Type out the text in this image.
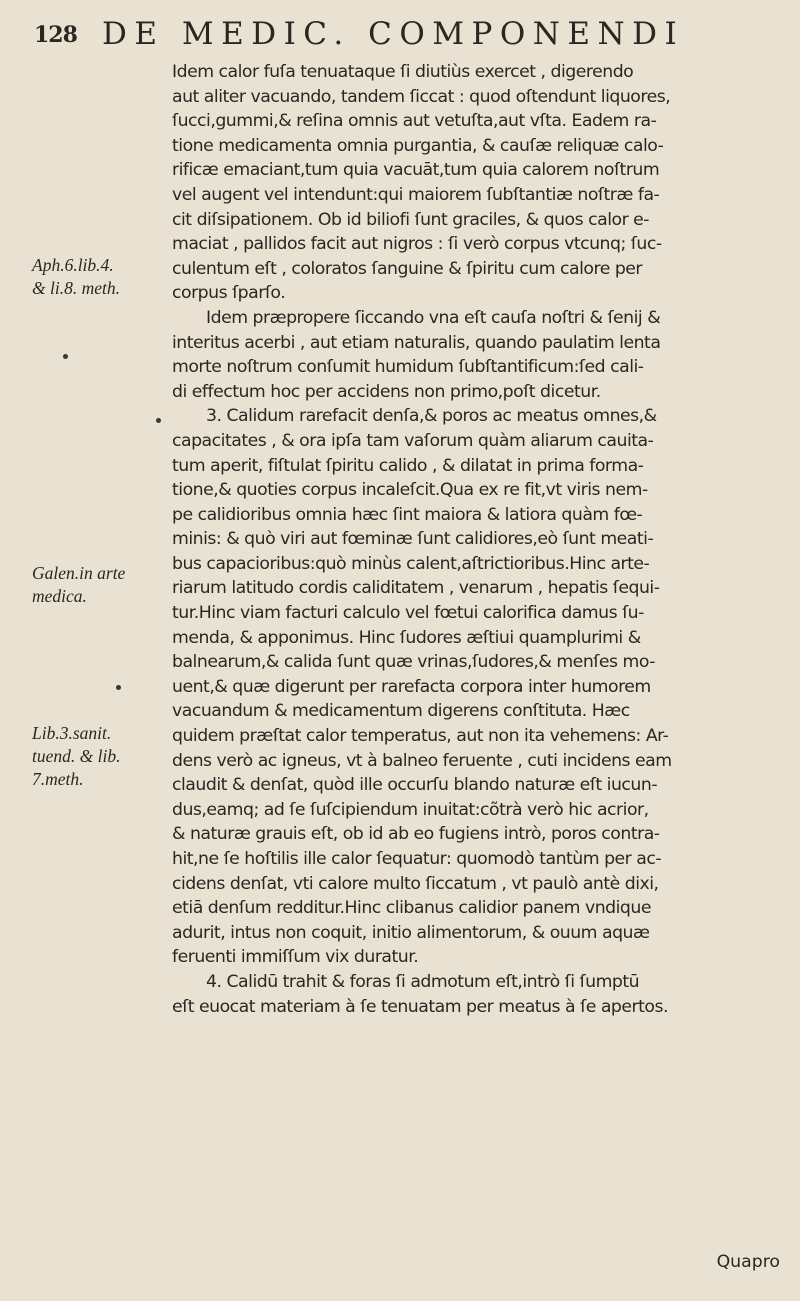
128 DE MEDIC. COMPONENDI
Aph.6.lib.4.
& li.8. meth.
Galen.in arte
medica.
Lib.3.sanit.
tuend. & lib.
7.meth.
Idem calor fuſa tenuataque ſi diutiùs exercet , digerendo
aut aliter vacuando, tandem ſiccat : quod oſtendunt liquores,
ſucci,gummi,& reſina omnis aut vetuſta,aut vſta. Eadem ra-
tione medicamenta omnia purgantia, & cauſæ reliquæ calo-
rificæ emaciant,tum quia vacuāt,tum quia calorem noſtrum
vel augent vel intendunt:qui maiorem ſubſtantiæ noſtræ fa-
cit diſsipationem. Ob id biliofi ſunt graciles, & quos calor e-
maciat , pallidos facit aut nigros : ſi verò corpus vtcunq; ſuc-
culentum eſt , coloratos ſanguine & ſpiritu cum calore per
corpus ſparſo.
Idem præpropere ſiccando vna eſt cauſa noſtri & ſenij &
interitus acerbi , aut etiam naturalis, quando paulatim lenta
morte noſtrum conſumit humidum ſubſtantificum:ſed cali-
di effectum hoc per accidens non primo,poſt dicetur.
3. Calidum rarefacit denſa,& poros ac meatus omnes,&
capacitates , & ora ipſa tam vaſorum quàm aliarum cauita-
tum aperit, fiſtulat ſpiritu calido , & dilatat in prima forma-
tione,& quoties corpus incaleſcit.Qua ex re fit,vt viris nem-
pe calidioribus omnia hæc ſint maiora & latiora quàm fœ-
minis: & quò viri aut fœminæ ſunt calidiores,eò ſunt meati-
bus capacioribus:quò minùs calent,aſtrictioribus.Hinc arte-
riarum latitudo cordis caliditatem , venarum , hepatis ſequi-
tur.Hinc viam facturi calculo vel fœtui calorifica damus ſu-
menda, & apponimus. Hinc ſudores æſtiui quamplurimi &
balnearum,& calida ſunt quæ vrinas,ſudores,& menſes mo-
uent,& quæ digerunt per rarefacta corpora inter humorem
vacuandum & medicamentum digerens conſtituta. Hæc
quidem præſtat calor temperatus, aut non ita vehemens: Ar-
dens verò ac igneus, vt à balneo feruente , cuti incidens eam
claudit & denſat, quòd ille occurſu blando naturæ eſt iucun-
dus,eamq; ad ſe ſuſcipiendum inuitat:cõtrà verò hic acrior,
& naturæ grauis eſt, ob id ab eo fugiens intrò, poros contra-
hit,ne ſe hoſtilis ille calor ſequatur: quomodò tantùm per ac-
cidens denſat, vti calore multo ſiccatum , vt paulò antè dixi,
etiā denſum redditur.Hinc clibanus calidior panem vndique
adurit, intus non coquit, initio alimentorum, & ouum aquæ
feruenti immiſſum vix duratur.
4. Calidū trahit & foras ſi admotum eſt,intrò ſi ſumptū
eſt euocat materiam à ſe tenuatam per meatus à ſe apertos.
Quapro
